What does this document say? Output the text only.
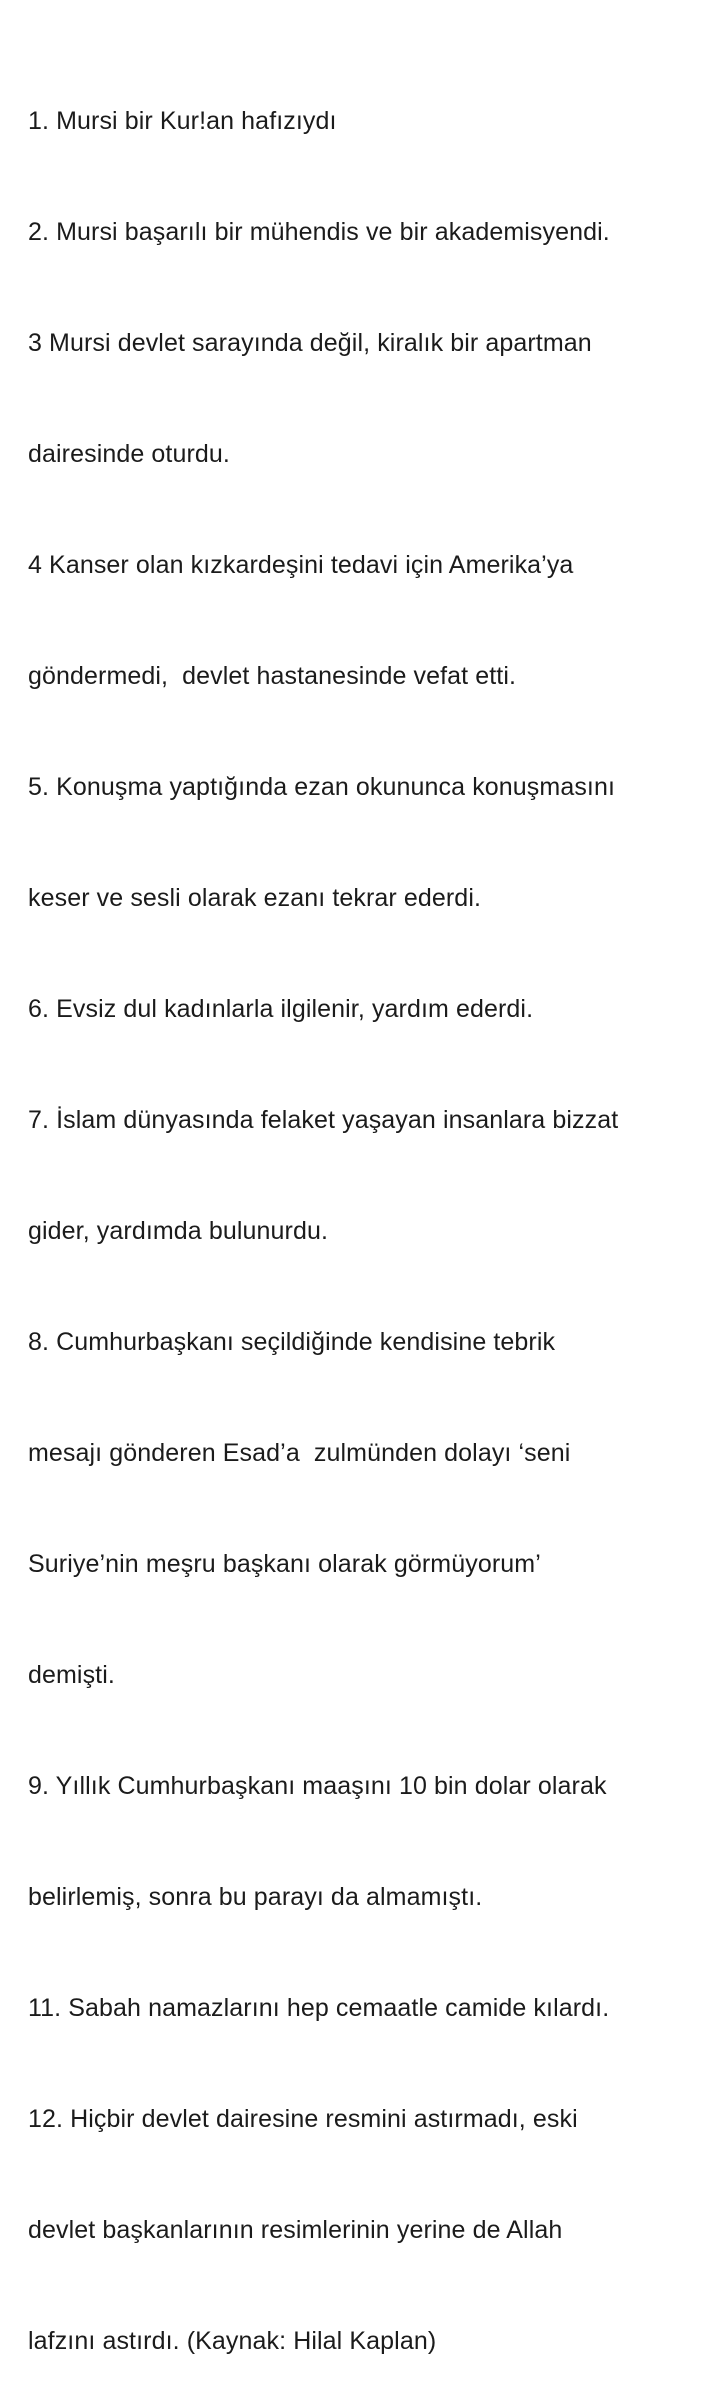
1. Mursi bir Kur!an hafızıydı

2. Mursi başarılı bir mühendis ve bir akademisyendi.

3 Mursi devlet sarayında değil, kiralık bir apartman

dairesinde oturdu.

4 Kanser olan kızkardeşini tedavi için Amerika’ya

göndermedi,  devlet hastanesinde vefat etti.

5. Konuşma yaptığında ezan okununca konuşmasını

keser ve sesli olarak ezanı tekrar ederdi.

6. Evsiz dul kadınlarla ilgilenir, yardım ederdi.

7. İslam dünyasında felaket yaşayan insanlara bizzat

gider, yardımda bulunurdu.

8. Cumhurbaşkanı seçildiğinde kendisine tebrik

mesajı gönderen Esad’a  zulmünden dolayı ‘seni

Suriye’nin meşru başkanı olarak görmüyorum’

demişti.

9. Yıllık Cumhurbaşkanı maaşını 10 bin dolar olarak

belirlemiş, sonra bu parayı da almamıştı.

11. Sabah namazlarını hep cemaatle camide kılardı.

12. Hiçbir devlet dairesine resmini astırmadı, eski

devlet başkanlarının resimlerinin yerine de Allah

lafzını astırdı. (Kaynak: Hilal Kaplan)
